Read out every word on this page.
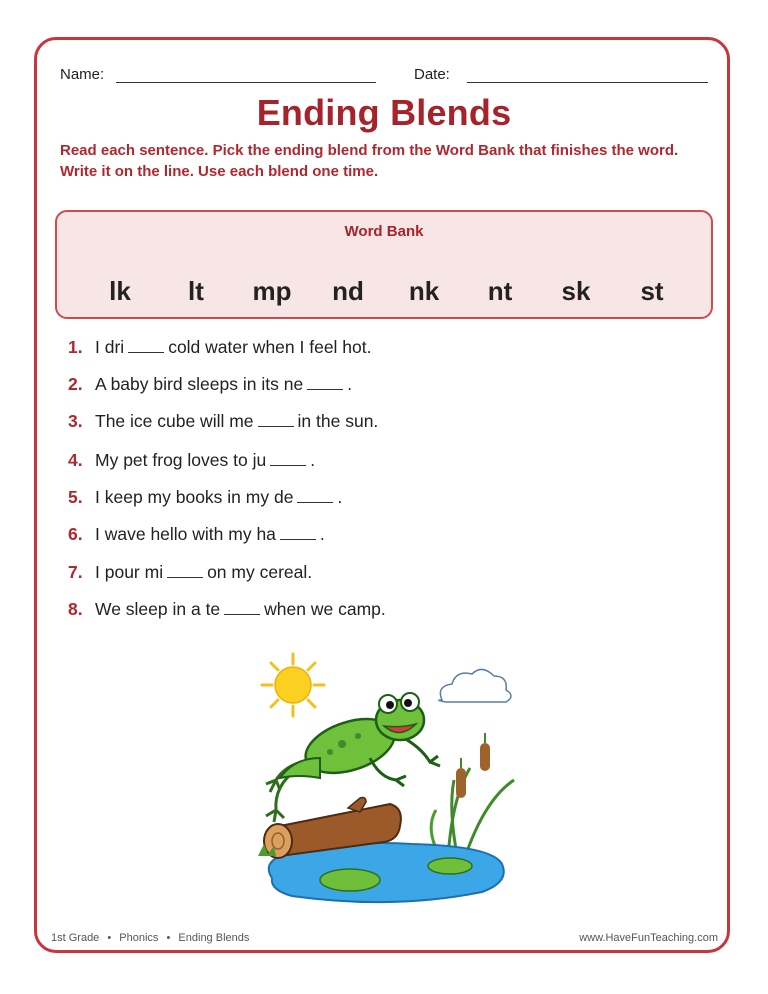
Name:	Date:
Ending Blends
Read each sentence. Pick the ending blend from the Word Bank that finishes the word. Write it on the line. Use each blend one time.
Word Bank
lk	lt	mp	nd	nk	nt	sk	st
1. I dri	cold water when I feel hot.
2. A baby bird sleeps in its ne	.
3. The ice cube will me	in the sun.
4. My pet frog loves to ju	.
5. I keep my books in my de	.
6. I wave hello with my ha	.
7. I pour mi	on my cereal.
8. We sleep in a te	when we camp.
1st Grade • Phonics • Ending Blends	www.HaveFunTeaching.com
